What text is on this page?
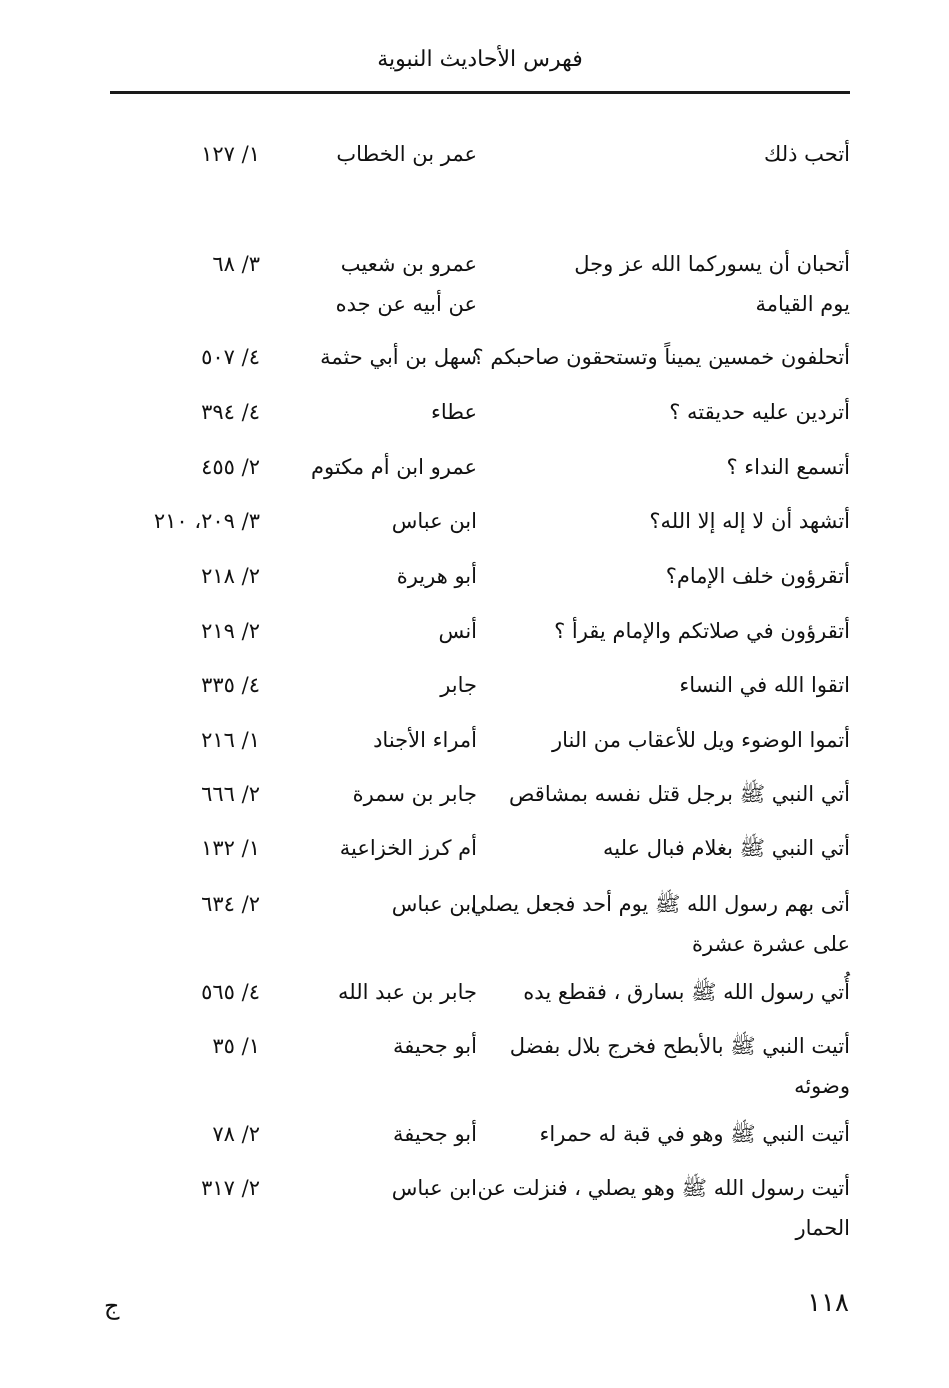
فهرس الأحاديث النبوية
أتحب ذلك
عمر بن الخطاب
١/ ١٢٧
أتحبان أن يسوركما الله عز وجل
يوم القيامة
عمرو بن شعيب
عن أبيه عن جده
٣/ ٦٨
أتحلفون خمسين يميناً وتستحقون صاحبكم ؟
سهل بن أبي حثمة
٤/ ٥٠٧
أتردين عليه حديقته ؟
عطاء
٤/ ٣٩٤
أتسمع النداء ؟
عمرو ابن أم مكتوم
٢/ ٤٥٥
أتشهد أن لا إله إلا الله؟
ابن عباس
٣/ ٢٠٩، ٢١٠
أتقرؤون خلف الإمام؟
أبو هريرة
٢/ ٢١٨
أتقرؤون في صلاتكم والإمام يقرأ ؟
أنس
٢/ ٢١٩
اتقوا الله في النساء
جابر
٤/ ٣٣٥
أتموا الوضوء ويل للأعقاب من النار
أمراء الأجناد
١/ ٢١٦
أتي النبي ﷺ برجل قتل نفسه بمشاقص
جابر بن سمرة
٢/ ٦٦٦
أتي النبي ﷺ بغلام فبال عليه
أم كرز الخزاعية
١/ ١٣٢
أتى بهم رسول الله ﷺ يوم أحد فجعل يصلي
على عشرة عشرة
ابن عباس
٢/ ٦٣٤
أُتي رسول الله ﷺ بسارق ، فقطع يده
جابر بن عبد الله
٤/ ٥٦٥
أتيت النبي ﷺ بالأبطح فخرج بلال بفضل
وضوئه
أبو جحيفة
١/ ٣٥
أتيت النبي ﷺ وهو في قبة له حمراء
أبو جحيفة
٢/ ٧٨
أتيت رسول الله ﷺ وهو يصلي ، فنزلت عن
الحمار
ابن عباس
٢/ ٣١٧
١١٨
ج
